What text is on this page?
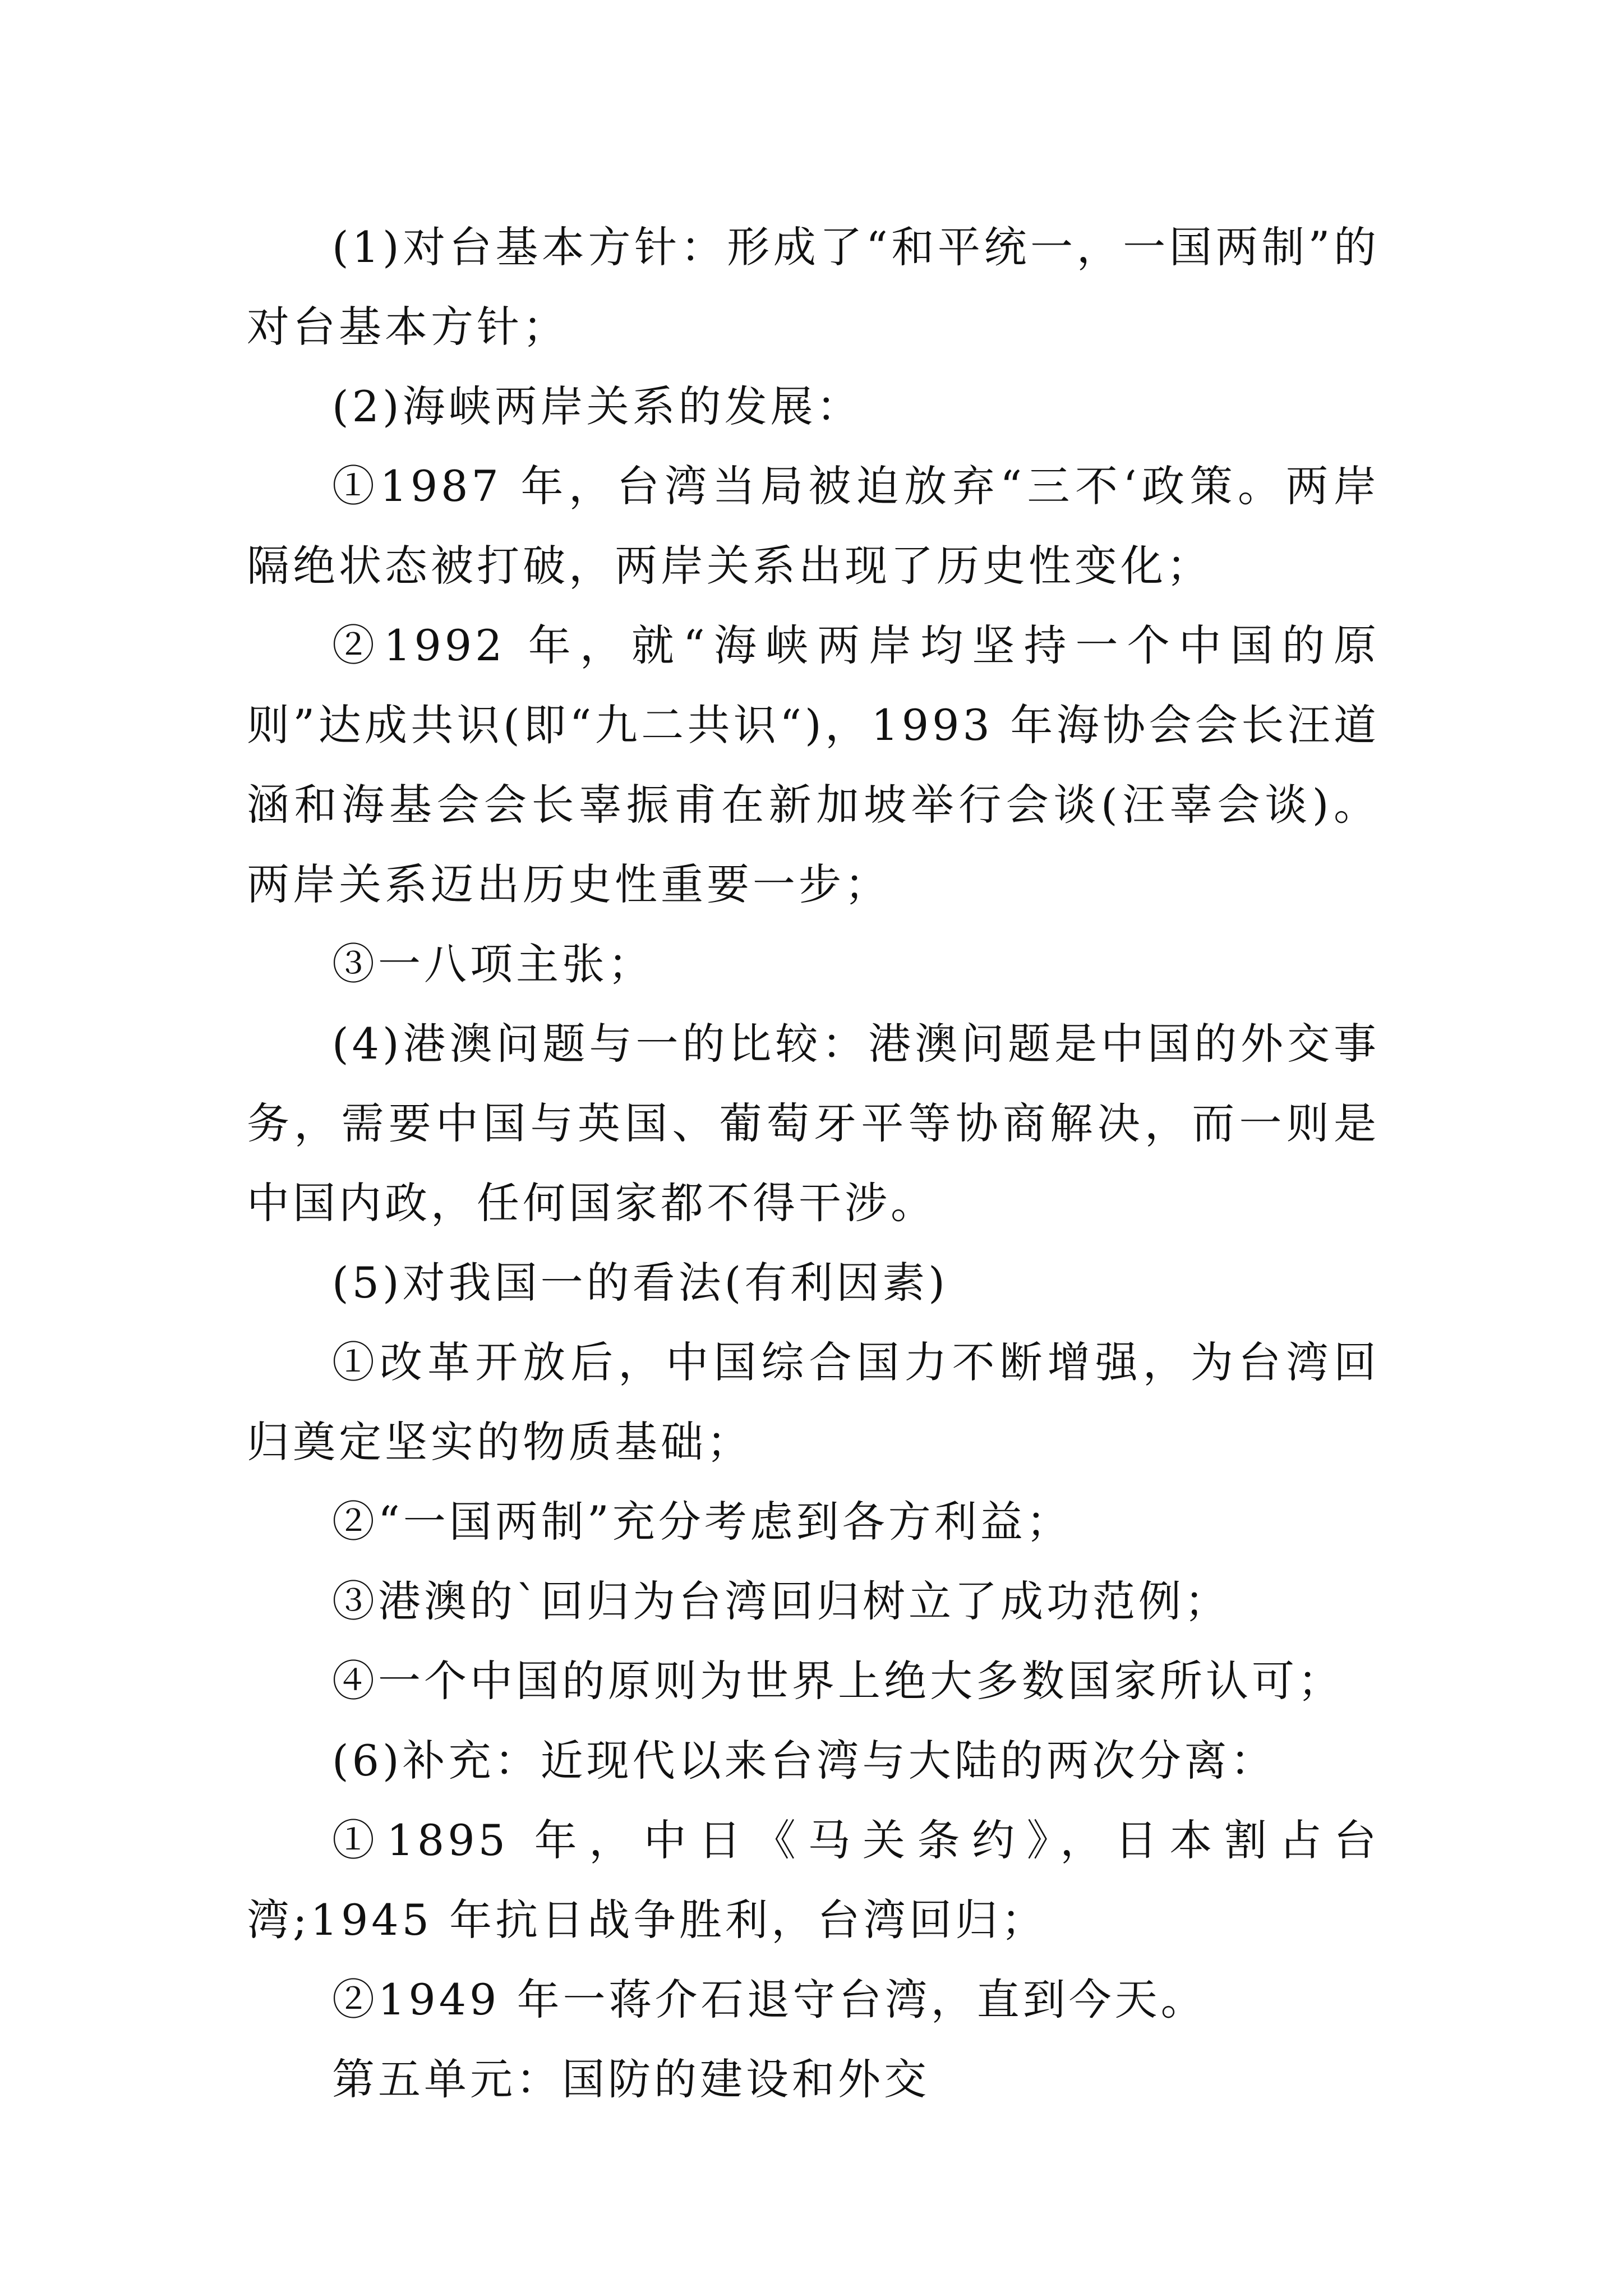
(1)对台基本方针：形成了“和平统一，一国两制”的对台基本方针；

(2)海峡两岸关系的发展：

①1987 年，台湾当局被迫放弃“三不‘政策。两岸隔绝状态被打破，两岸关系出现了历史性变化；

②1992 年，就“海峡两岸均坚持一个中国的原则”达成共识(即“九二共识“)，1993 年海协会会长汪道涵和海基会会长辜振甫在新加坡举行会谈(汪辜会谈)。两岸关系迈出历史性重要一步；

③一八项主张；

(4)港澳问题与一的比较：港澳问题是中国的外交事务，需要中国与英国、葡萄牙平等协商解决，而一则是中国内政，任何国家都不得干涉。

(5)对我国一的看法(有利因素)

①改革开放后，中国综合国力不断增强，为台湾回归奠定坚实的物质基础；

②“一国两制”充分考虑到各方利益；

③港澳的`回归为台湾回归树立了成功范例；

④一个中国的原则为世界上绝大多数国家所认可；

(6)补充：近现代以来台湾与大陆的两次分离：

①1895 年，中日《马关条约》，日本割占台湾;1945 年抗日战争胜利，台湾回归；

②1949 年一蒋介石退守台湾，直到今天。

第五单元：国防的建设和外交
